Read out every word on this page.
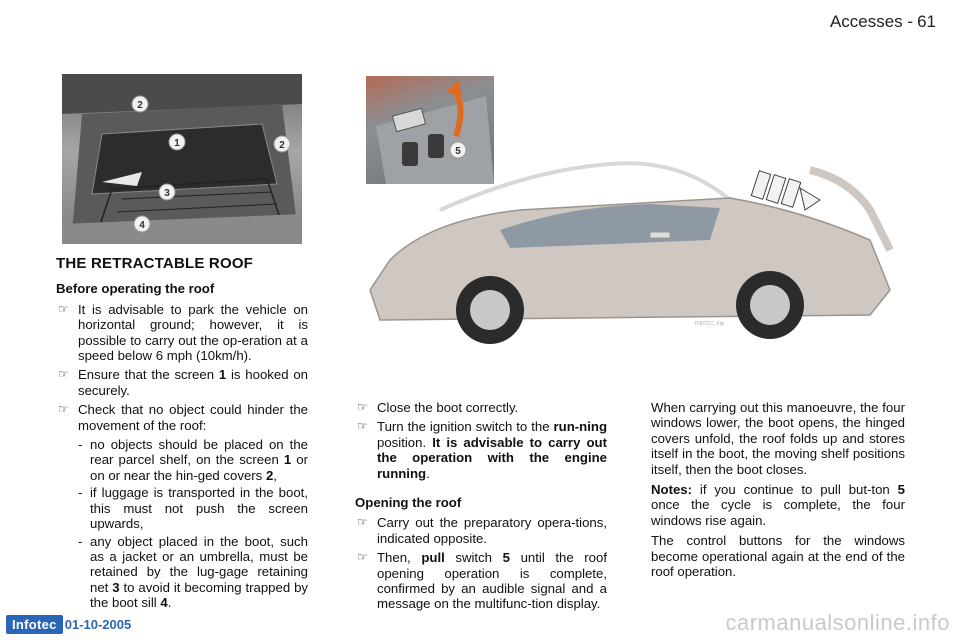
Accesses - 61
1
2
2
3
4
5
P307CC_Fig
THE RETRACTABLE ROOF
Before operating the roof
☞ It is advisable to park the vehicle on horizontal ground; however, it is possible to carry out the op-eration at a speed below 6 mph (10km/h).
☞ Ensure that the screen 1 is hooked on securely.
☞ Check that no object could hinder the movement of the roof:
- no objects should be placed on the rear parcel shelf, on the screen 1 or on or near the hin-ged covers 2,
- if luggage is transported in the boot, this must not push the screen upwards,
- any object placed in the boot, such as a jacket or an umbrella, must be retained by the lug-gage retaining net 3 to avoid it becoming trapped by the boot sill 4.
☞ Close the boot correctly.
☞ Turn the ignition switch to the run-ning position. It is advisable to carry out the operation with the engine running.
Opening the roof
☞ Carry out the preparatory opera-tions, indicated opposite.
☞ Then, pull switch 5 until the roof opening operation is complete, confirmed by an audible signal and a message on the multifunc-tion display.
When carrying out this manoeuvre, the four windows lower, the boot opens, the hinged covers unfold, the roof folds up and stores itself in the boot, the moving shelf positions itself, then the boot closes.
Notes: if you continue to pull but-ton 5 once the cycle is complete, the four windows rise again.
The control buttons for the windows become operational again at the end of the roof operation.
Infotec 01-10-2005	carmanualsonline.info
